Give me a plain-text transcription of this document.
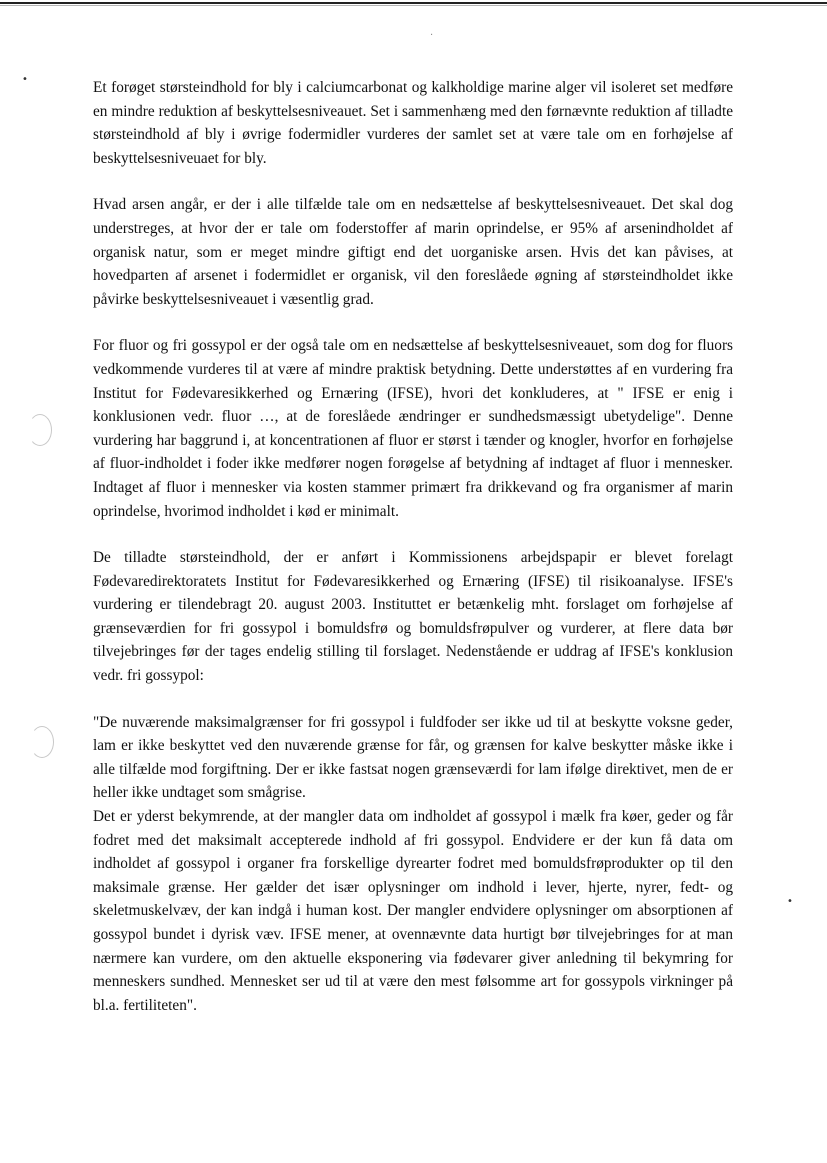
•
·
•

Et forøget størsteindhold for bly i calciumcarbonat og kalkholdige marine alger vil isoleret set medføre en mindre reduktion af beskyttelsesniveauet. Set i sammenhæng med den førnævnte reduktion af tilladte størsteindhold af bly i øvrige fodermidler vurderes der samlet set at være tale om en forhøjelse af beskyttelsesniveuaet for bly.

Hvad arsen angår, er der i alle tilfælde tale om en nedsættelse af beskyttelsesniveauet. Det skal dog understreges, at hvor der er tale om foderstoffer af marin oprindelse, er 95% af arsenindholdet af organisk natur, som er meget mindre giftigt end det uorganiske arsen. Hvis det kan påvises, at hovedparten af arsenet i fodermidlet er organisk, vil den foreslåede øgning af størsteindholdet ikke påvirke beskyttelsesniveauet i væsentlig grad.

For fluor og fri gossypol er der også tale om en nedsættelse af beskyttelsesniveauet, som dog for fluors vedkommende vurderes til at være af mindre praktisk betydning. Dette understøttes af en vurdering fra Institut for Fødevaresikkerhed og Ernæring (IFSE), hvori det konkluderes, at " IFSE er enig i konklusionen vedr. fluor …, at de foreslåede ændringer er sundhedsmæssigt ubetydelige". Denne vurdering har baggrund i, at koncentrationen af fluor er størst i tænder og knogler, hvorfor en forhøjelse af fluor-indholdet i foder ikke medfører nogen forøgelse af betydning af indtaget af fluor i mennesker. Indtaget af fluor i mennesker via kosten stammer primært fra drikkevand og fra organismer af marin oprindelse, hvorimod indholdet i kød er minimalt.

De tilladte størsteindhold, der er anført i Kommissionens arbejdspapir er blevet forelagt Fødevaredirektoratets Institut for Fødevaresikkerhed og Ernæring (IFSE) til risikoanalyse. IFSE's vurdering er tilendebragt 20. august 2003. Instituttet er betænkelig mht. forslaget om forhøjelse af grænseværdien for fri gossypol i bomuldsfrø og bomuldsfrøpulver og vurderer, at flere data bør tilvejebringes før der tages endelig stilling til forslaget. Nedenstående er uddrag af IFSE's konklusion vedr. fri gossypol:

"De nuværende maksimalgrænser for fri gossypol i fuldfoder ser ikke ud til at beskytte voksne geder, lam er ikke beskyttet ved den nuværende grænse for får, og grænsen for kalve beskytter måske ikke i alle tilfælde mod forgiftning. Der er ikke fastsat nogen grænseværdi for lam ifølge direktivet, men de er heller ikke undtaget som smågrise.

Det er yderst bekymrende, at der mangler data om indholdet af gossypol i mælk fra køer, geder og får fodret med det maksimalt accepterede indhold af fri gossypol. Endvidere er der kun få data om indholdet af gossypol i organer fra forskellige dyrearter fodret med bomuldsfrøprodukter op til den maksimale grænse. Her gælder det især oplysninger om indhold i lever, hjerte, nyrer, fedt- og skeletmuskelvæv, der kan indgå i human kost. Der mangler endvidere oplysninger om absorptionen af gossypol bundet i dyrisk væv. IFSE mener, at ovennævnte data hurtigt bør tilvejebringes for at man nærmere kan vurdere, om den aktuelle eksponering via fødevarer giver anledning til bekymring for menneskers sundhed. Mennesket ser ud til at være den mest følsomme art for gossypols virkninger på bl.a. fertiliteten".
